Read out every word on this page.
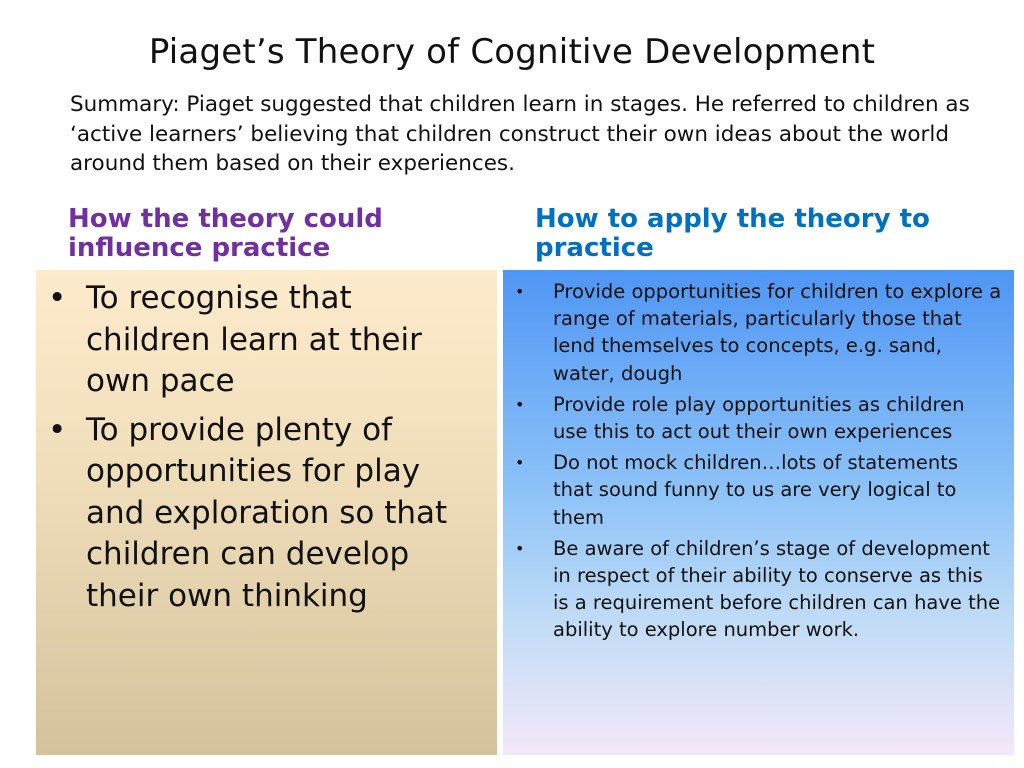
Piaget’s Theory of Cognitive Development
Summary: Piaget suggested that children learn in stages. He referred to children as ‘active learners’ believing that children construct their own ideas about the world around them based on their experiences.
How the theory could influence practice
How to apply the theory to practice
• To recognise that children learn at their own pace
• To provide plenty of opportunities for play and exploration so that children can develop their own thinking
• Provide opportunities for children to explore a range of materials, particularly those that lend themselves to concepts, e.g. sand, water, dough
• Provide role play opportunities as children use this to act out their own experiences
• Do not mock children…lots of statements that sound funny to us are very logical to them
• Be aware of children’s stage of development in respect of their ability to conserve as this is a requirement before children can have the ability to explore number work.
